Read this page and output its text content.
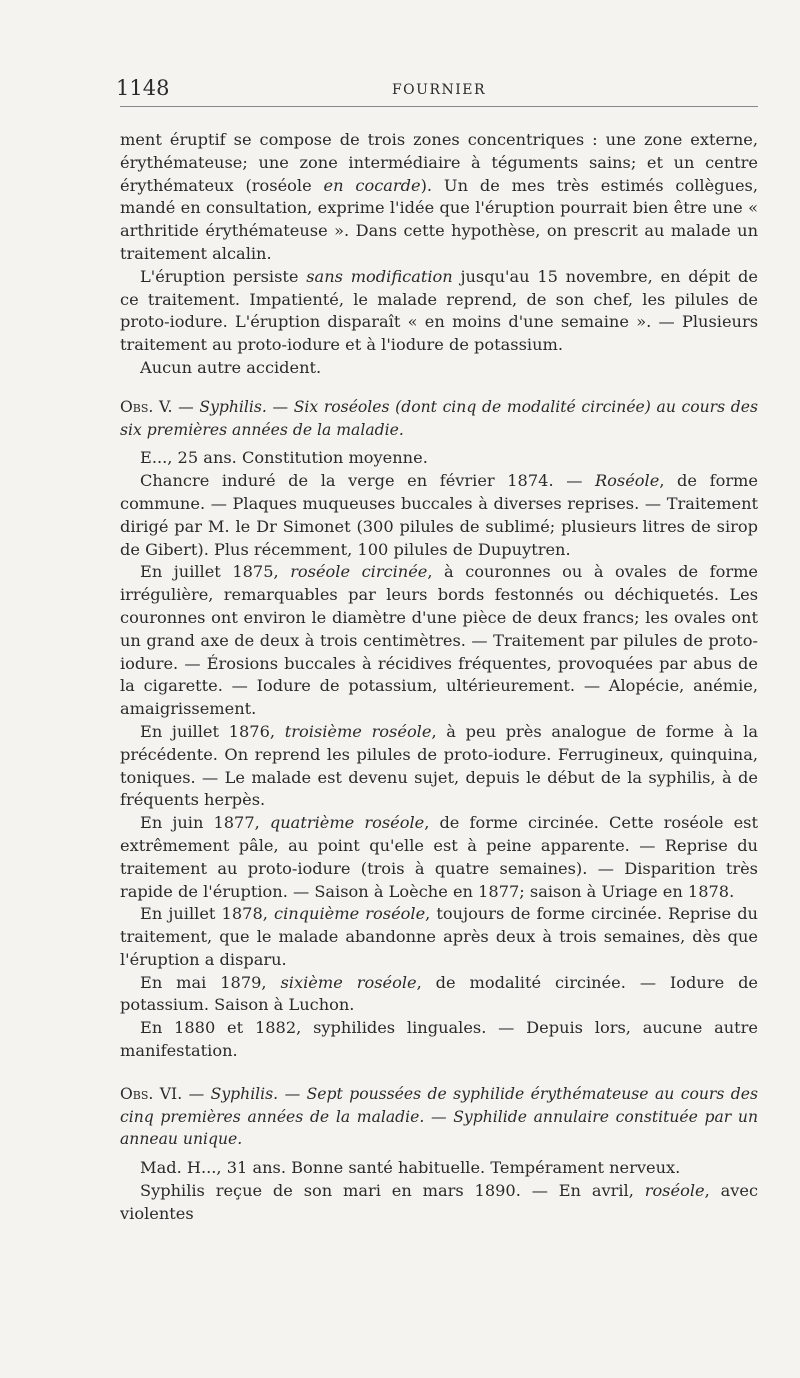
1148	FOURNIER

ment éruptif se compose de trois zones concentriques : une zone externe, érythémateuse; une zone intermédiaire à téguments sains; et un centre érythémateux (roséole en cocarde). Un de mes très estimés collègues, mandé en consultation, exprime l'idée que l'éruption pourrait bien être une « arthritide érythémateuse ». Dans cette hypothèse, on prescrit au malade un traitement alcalin.

L'éruption persiste sans modification jusqu'au 15 novembre, en dépit de ce traitement. Impatienté, le malade reprend, de son chef, les pilules de proto-iodure. L'éruption disparaît « en moins d'une semaine ». — Plusieurs traitement au proto-iodure et à l'iodure de potassium.

Aucun autre accident.

Obs. V. — Syphilis. — Six roséoles (dont cinq de modalité circinée) au cours des six premières années de la maladie.

E..., 25 ans. Constitution moyenne.

Chancre induré de la verge en février 1874. — Roséole, de forme commune. — Plaques muqueuses buccales à diverses reprises. — Traitement dirigé par M. le Dr Simonet (300 pilules de sublimé; plusieurs litres de sirop de Gibert). Plus récemment, 100 pilules de Dupuytren.

En juillet 1875, roséole circinée, à couronnes ou à ovales de forme irrégulière, remarquables par leurs bords festonnés ou déchiquetés. Les couronnes ont environ le diamètre d'une pièce de deux francs; les ovales ont un grand axe de deux à trois centimètres. — Traitement par pilules de proto-iodure. — Érosions buccales à récidives fréquentes, provoquées par abus de la cigarette. — Iodure de potassium, ultérieurement. — Alopécie, anémie, amaigrissement.

En juillet 1876, troisième roséole, à peu près analogue de forme à la précédente. On reprend les pilules de proto-iodure. Ferrugineux, quinquina, toniques. — Le malade est devenu sujet, depuis le début de la syphilis, à de fréquents herpès.

En juin 1877, quatrième roséole, de forme circinée. Cette roséole est extrêmement pâle, au point qu'elle est à peine apparente. — Reprise du traitement au proto-iodure (trois à quatre semaines). — Disparition très rapide de l'éruption. — Saison à Loèche en 1877; saison à Uriage en 1878.

En juillet 1878, cinquième roséole, toujours de forme circinée. Reprise du traitement, que le malade abandonne après deux à trois semaines, dès que l'éruption a disparu.

En mai 1879, sixième roséole, de modalité circinée. — Iodure de potassium. Saison à Luchon.

En 1880 et 1882, syphilides linguales. — Depuis lors, aucune autre manifestation.

Obs. VI. — Syphilis. — Sept poussées de syphilide érythémateuse au cours des cinq premières années de la maladie. — Syphilide annulaire constituée par un anneau unique.

Mad. H..., 31 ans. Bonne santé habituelle. Tempérament nerveux.

Syphilis reçue de son mari en mars 1890. — En avril, roséole, avec violentes
